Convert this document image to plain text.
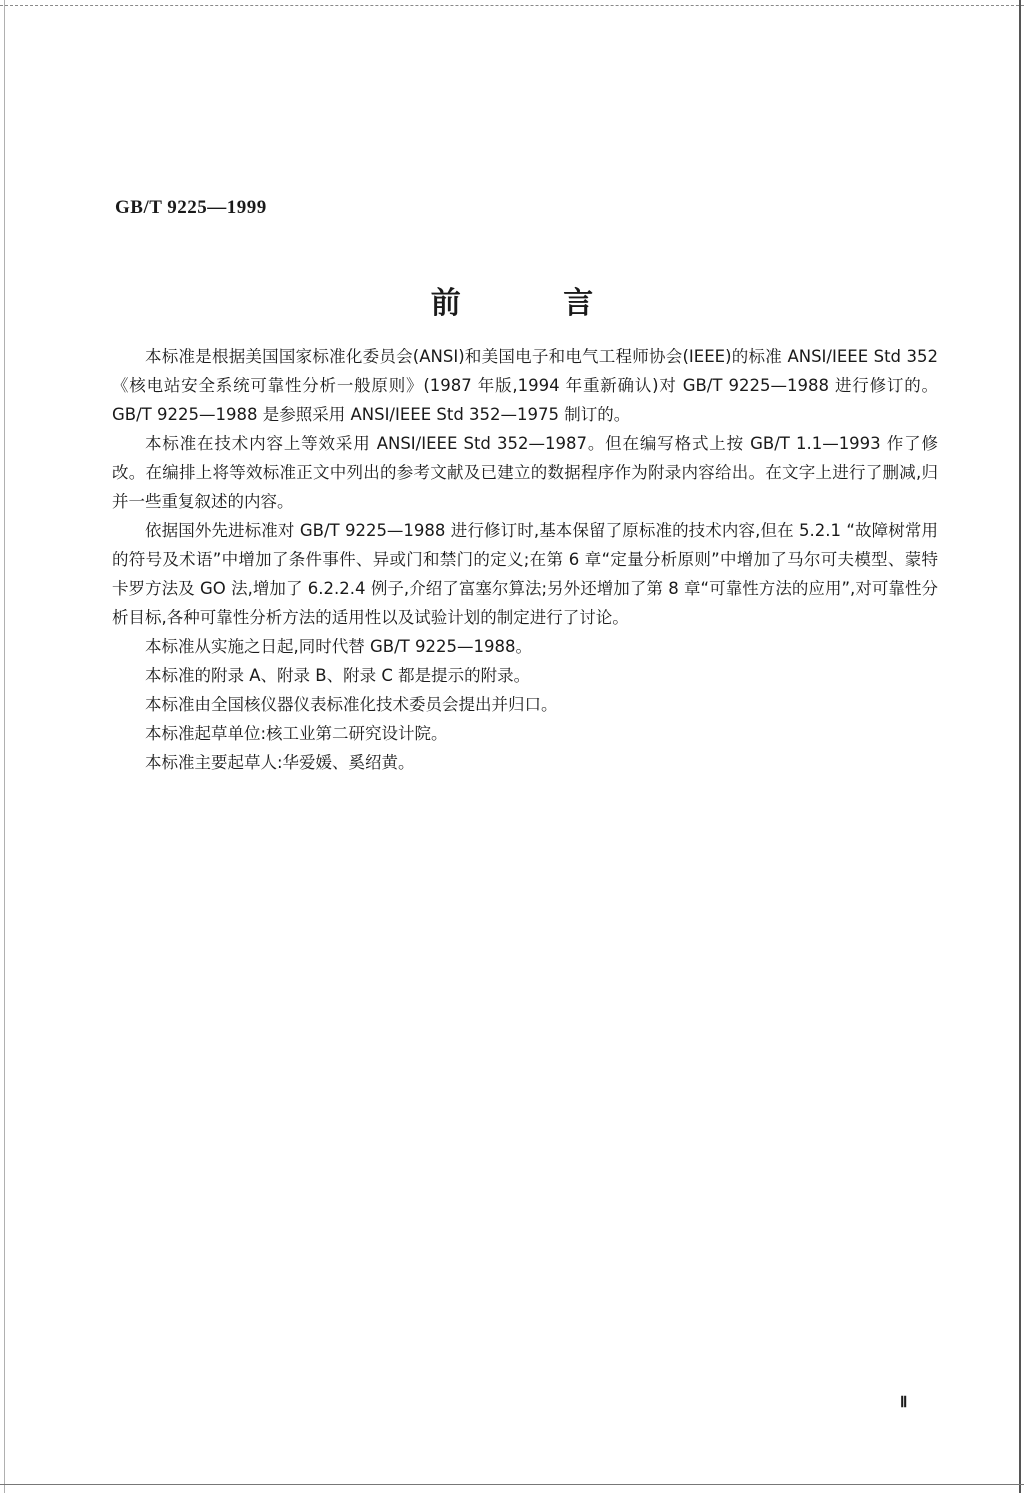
GB/T 9225—1999
前 言

本标准是根据美国国家标准化委员会(ANSI)和美国电子和电气工程师协会(IEEE)的标准 ANSI/IEEE Std 352《核电站安全系统可靠性分析一般原则》(1987 年版,1994 年重新确认)对 GB/T 9225—1988 进行修订的。GB/T 9225—1988 是参照采用 ANSI/IEEE Std 352—1975 制订的。

本标准在技术内容上等效采用 ANSI/IEEE Std 352—1987。但在编写格式上按 GB/T 1.1—1993 作了修改。在编排上将等效标准正文中列出的参考文献及已建立的数据程序作为附录内容给出。在文字上进行了删减,归并一些重复叙述的内容。

依据国外先进标准对 GB/T 9225—1988 进行修订时,基本保留了原标准的技术内容,但在 5.2.1 “故障树常用的符号及术语”中增加了条件事件、异或门和禁门的定义;在第 6 章“定量分析原则”中增加了马尔可夫模型、蒙特卡罗方法及 GO 法,增加了 6.2.2.4 例子,介绍了富塞尔算法;另外还增加了第 8 章“可靠性方法的应用”,对可靠性分析目标,各种可靠性分析方法的适用性以及试验计划的制定进行了讨论。

本标准从实施之日起,同时代替 GB/T 9225—1988。

本标准的附录 A、附录 B、附录 C 都是提示的附录。

本标准由全国核仪器仪表标准化技术委员会提出并归口。

本标准起草单位:核工业第二研究设计院。

本标准主要起草人:华爱媛、奚绍黄。

Ⅱ
